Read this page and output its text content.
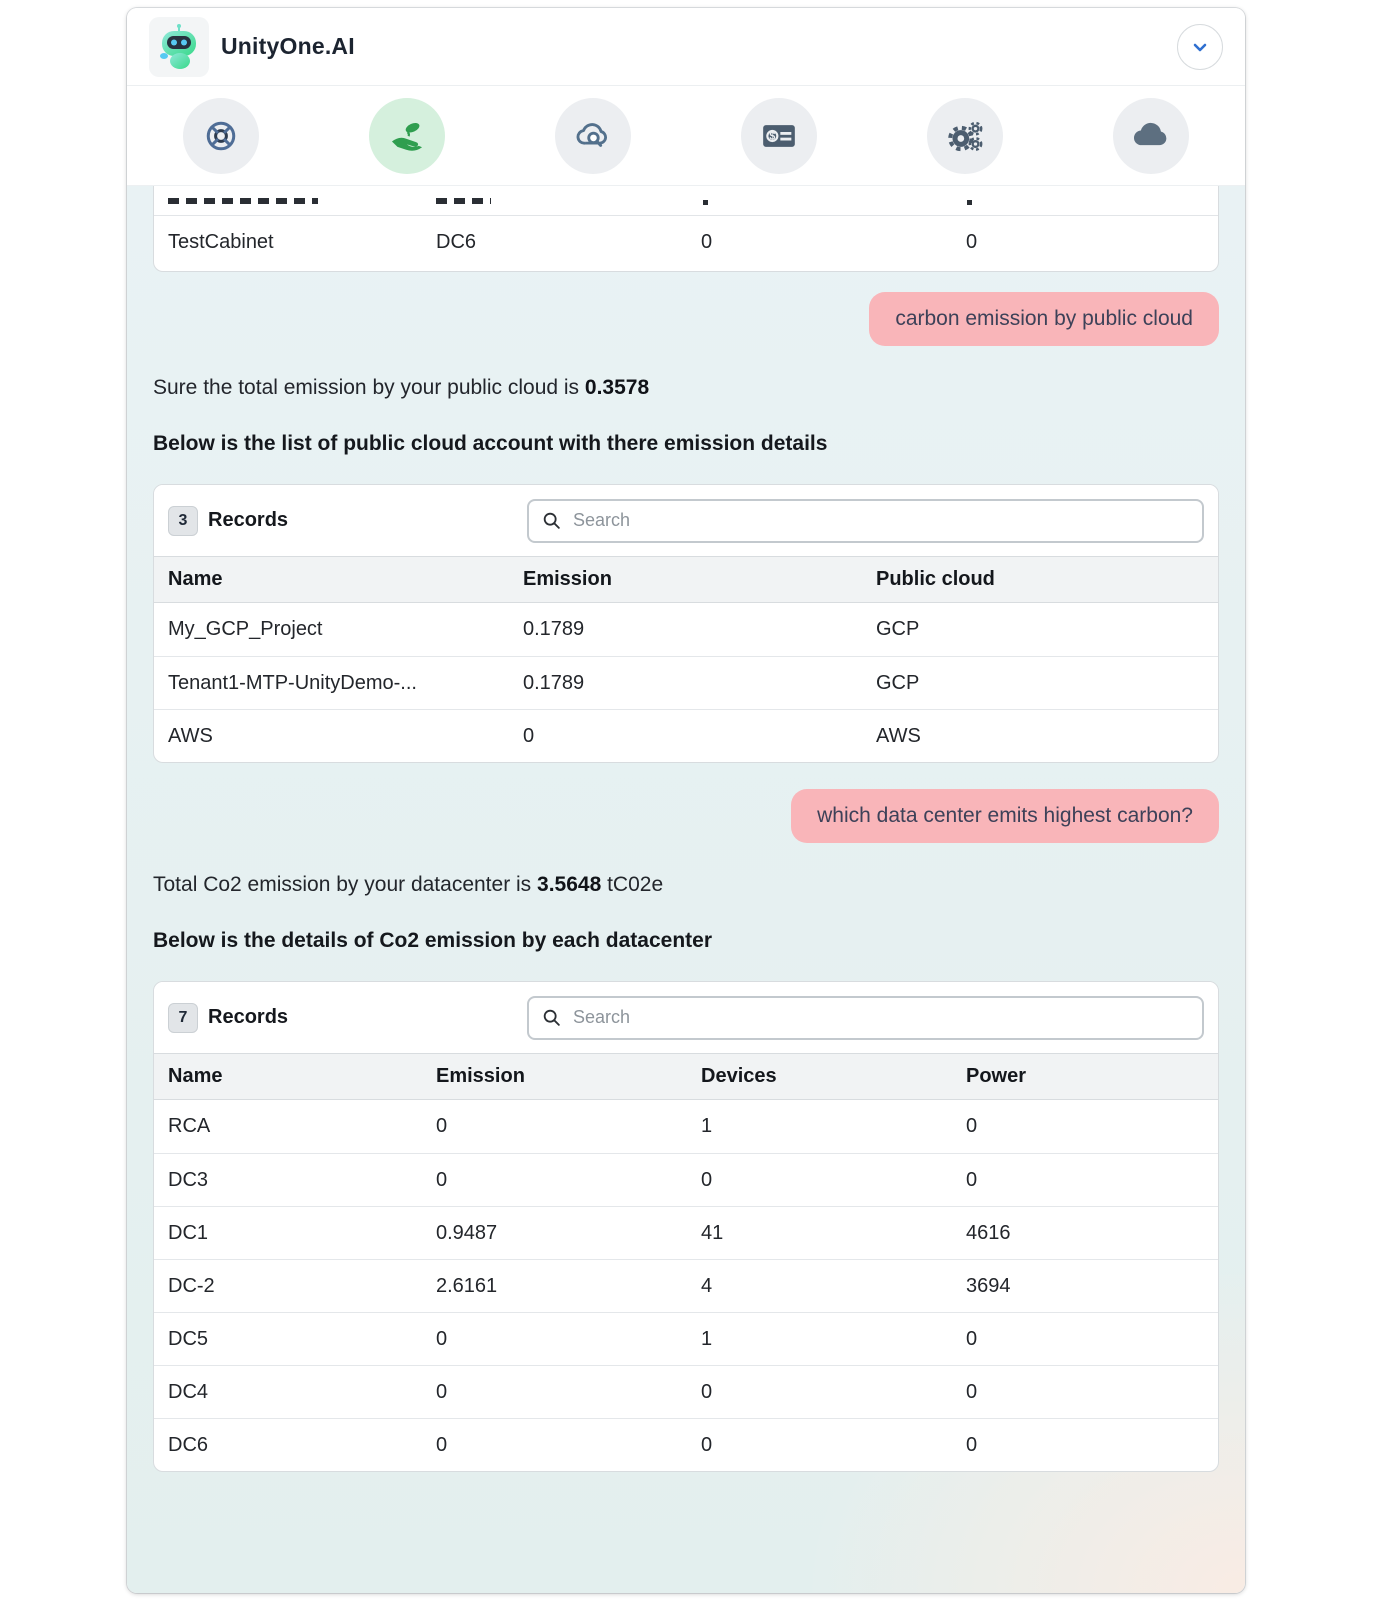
UnityOne.AI
$
TestCabinet	DC6	0	0
carbon emission by public cloud
Sure the total emission by your public cloud is 0.3578
Below is the list of public cloud account with there emission details
3	Records
Search
Name	Emission	Public cloud
My_GCP_Project	0.1789	GCP
Tenant1-MTP-UnityDemo-...	0.1789	GCP
AWS	0	AWS
which data center emits highest carbon?
Total Co2 emission by your datacenter is 3.5648 tC02e
Below is the details of Co2 emission by each datacenter
7	Records
Search
Name	Emission	Devices	Power
RCA	0	1	0
DC3	0	0	0
DC1	0.9487	41	4616
DC-2	2.6161	4	3694
DC5	0	1	0
DC4	0	0	0
DC6	0	0	0
